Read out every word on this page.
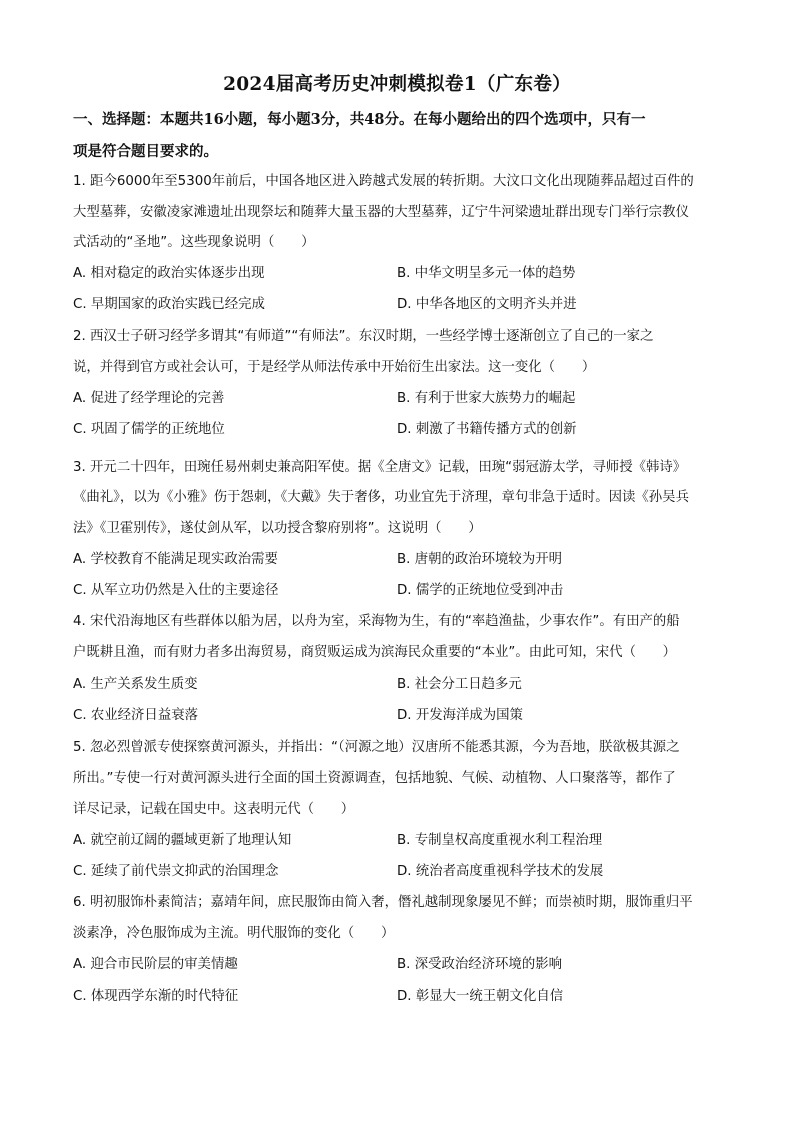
2024届高考历史冲刺模拟卷1（广东卷）
一、选择题：本题共16小题，每小题3分，共48分。在每小题给出的四个选项中，只有一
项是符合题目要求的。
1. 距今6000年至5300年前后，中国各地区进入跨越式发展的转折期。大汶口文化出现随葬品超过百件的
大型墓葬，安徽凌家滩遗址出现祭坛和随葬大量玉器的大型墓葬，辽宁牛河梁遗址群出现专门举行宗教仪
式活动的“圣地”。这些现象说明（　　）
A. 相对稳定的政治实体逐步出现	B. 中华文明呈多元一体的趋势
C. 早期国家的政治实践已经完成	D. 中华各地区的文明齐头并进
2. 西汉士子研习经学多谓其“有师道”“有师法”。东汉时期，一些经学博士逐渐创立了自己的一家之
说，并得到官方或社会认可，于是经学从师法传承中开始衍生出家法。这一变化（　　）
A. 促进了经学理论的完善	B. 有利于世家大族势力的崛起
C. 巩固了儒学的正统地位	D. 刺激了书籍传播方式的创新
3. 开元二十四年，田琬任易州刺史兼高阳军使。据《全唐文》记载，田琬“弱冠游太学，寻师授《韩诗》
《曲礼》，以为《小雅》伤于怨刺，《大戴》失于奢侈，功业宜先于济理，章句非急于适时。因读《孙吴兵
法》《卫霍别传》，遂仗剑从军，以功授含黎府别将”。这说明（　　）
A. 学校教育不能满足现实政治需要	B. 唐朝的政治环境较为开明
C. 从军立功仍然是入仕的主要途径	D. 儒学的正统地位受到冲击
4. 宋代沿海地区有些群体以船为居，以舟为室，采海物为生，有的“率趋渔盐，少事农作”。有田产的船
户既耕且渔，而有财力者多出海贸易，商贸贩运成为滨海民众重要的“本业”。由此可知，宋代（　　）
A. 生产关系发生质变	B. 社会分工日趋多元
C. 农业经济日益衰落	D. 开发海洋成为国策
5. 忽必烈曾派专使探察黄河源头，并指出：“（河源之地）汉唐所不能悉其源，今为吾地，朕欲极其源之
所出。”专使一行对黄河源头进行全面的国土资源调查，包括地貌、气候、动植物、人口聚落等，都作了
详尽记录，记载在国史中。这表明元代（　　）
A. 就空前辽阔的疆域更新了地理认知	B. 专制皇权高度重视水利工程治理
C. 延续了前代崇文抑武的治国理念	D. 统治者高度重视科学技术的发展
6. 明初服饰朴素简洁；嘉靖年间，庶民服饰由简入奢，僭礼越制现象屡见不鲜；而崇祯时期，服饰重归平
淡素净，冷色服饰成为主流。明代服饰的变化（　　）
A. 迎合市民阶层的审美情趣	B. 深受政治经济环境的影响
C. 体现西学东渐的时代特征	D. 彰显大一统王朝文化自信
